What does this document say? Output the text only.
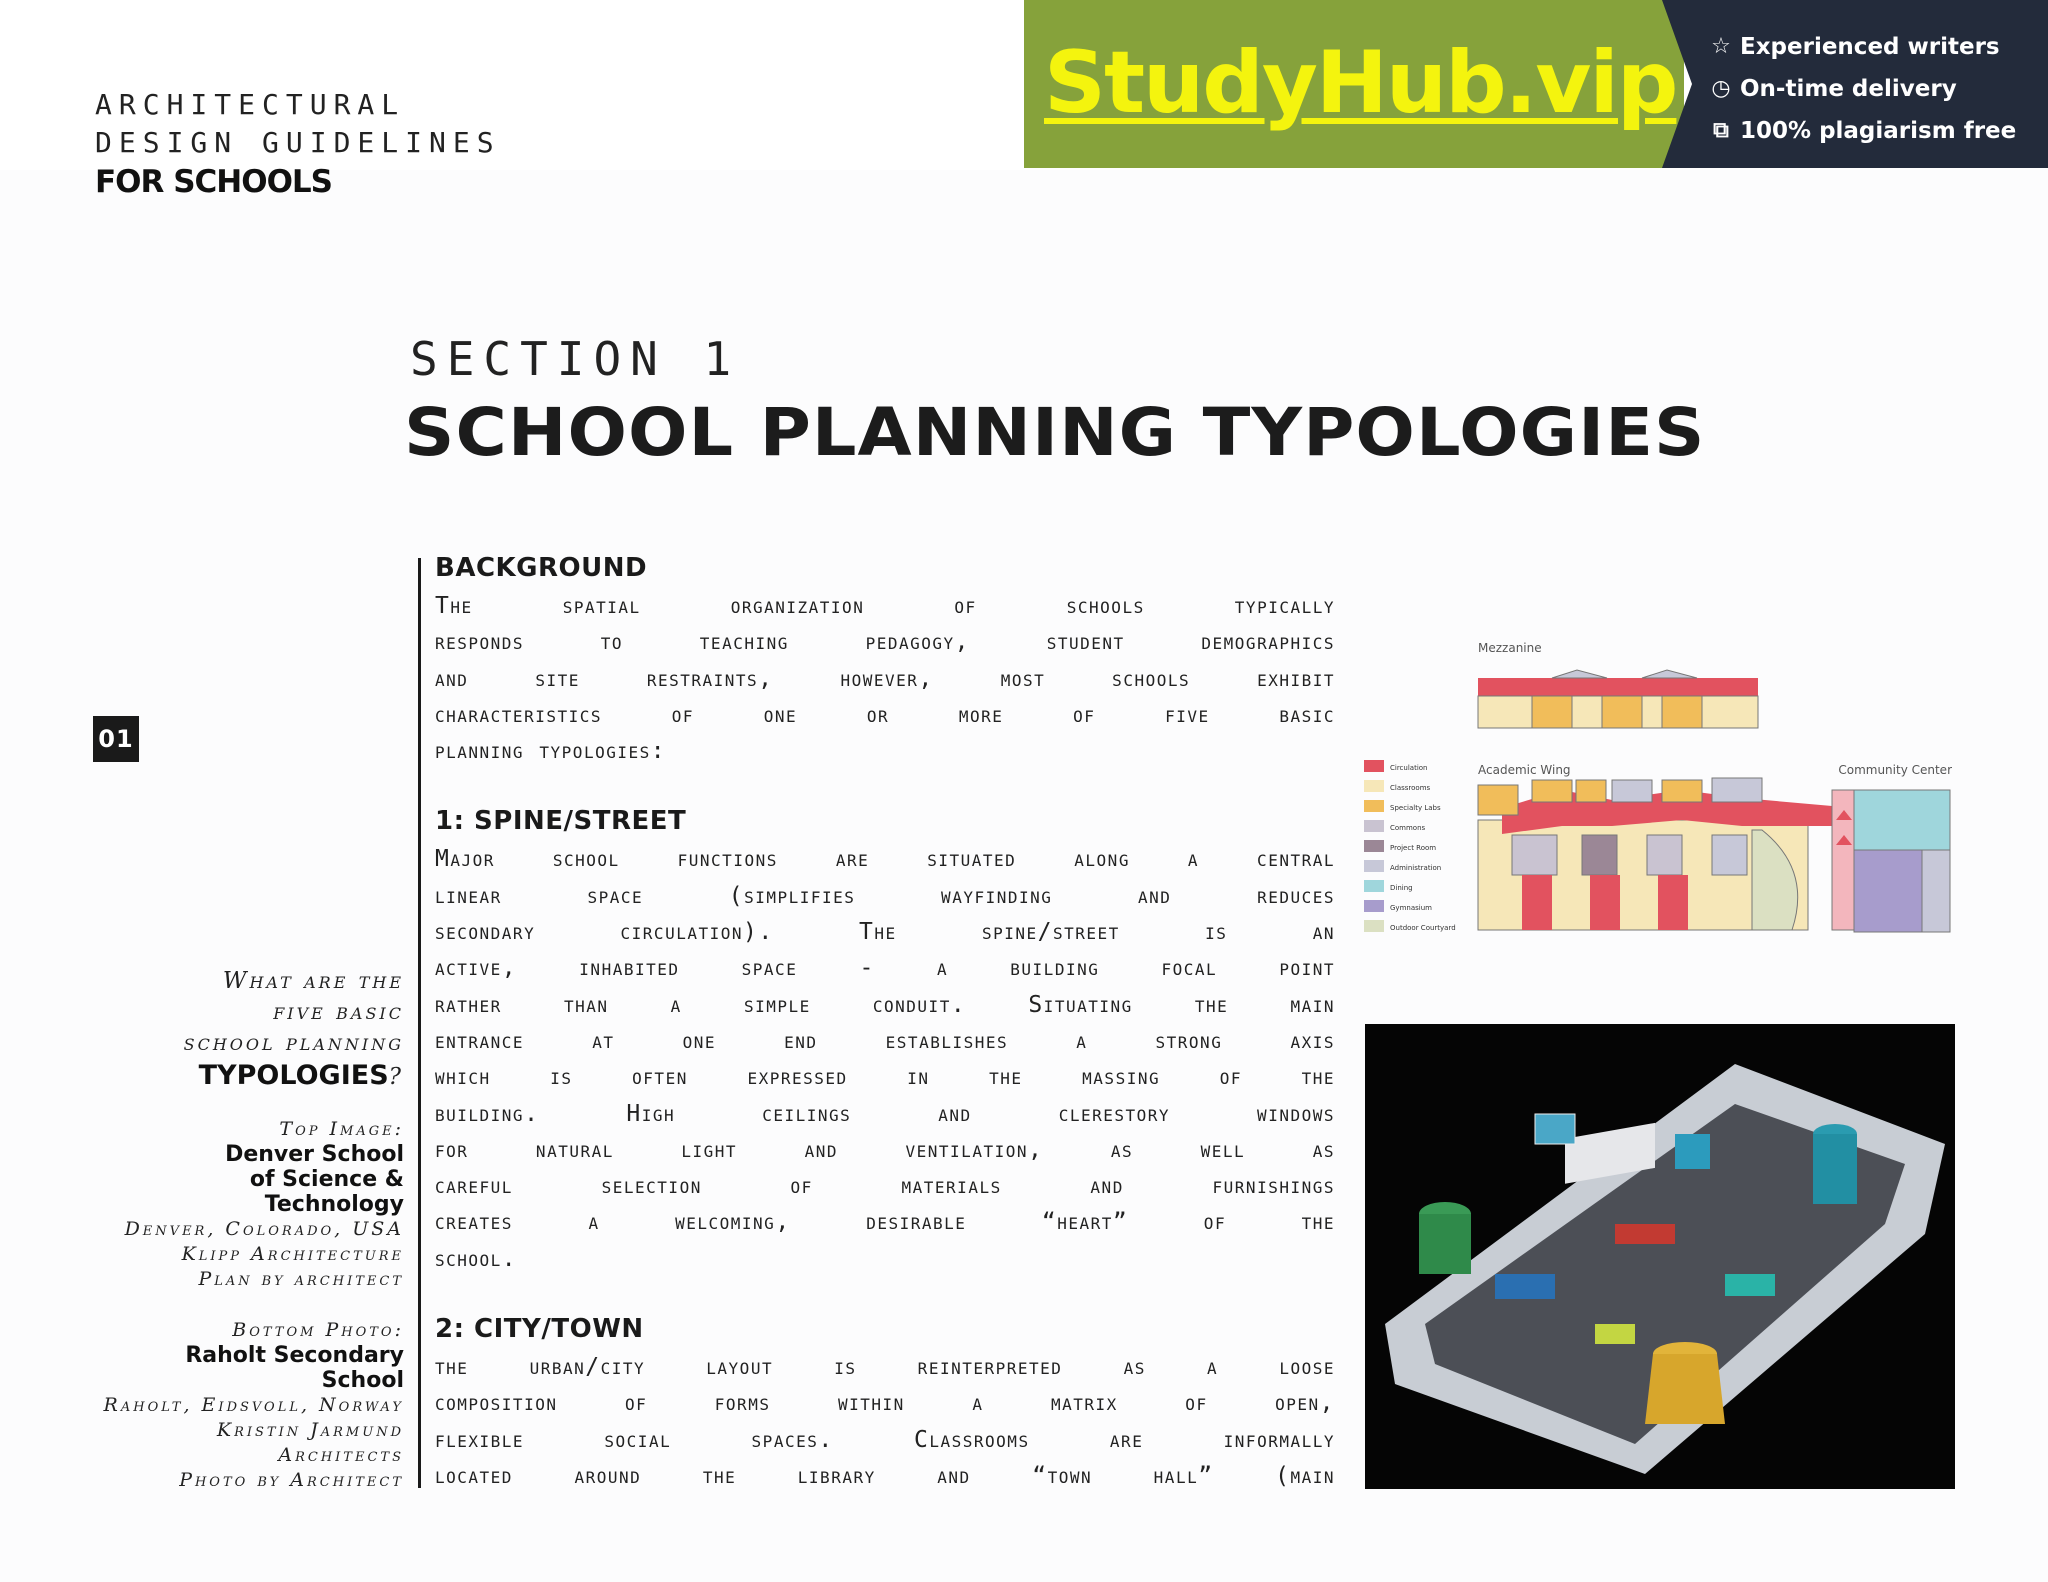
ARCHITECTURAL
DESIGN GUIDELINES
FOR SCHOOLS
StudyHub.vip ☆ Experienced writers
◷ On-time delivery
⧉ 100% plagiarism free
SECTION 1
SCHOOL PLANNING TYPOLOGIES
01
What are the
five basic
school planning
TYPOLOGIES?
Top Image:
Denver School
of Science &
Technology
Denver, Colorado, USA
Klipp Architecture
Plan by architect
Bottom Photo:
Raholt Secondary
School
Raholt, Eidsvoll, Norway
Kristin Jarmund
Architects
Photo by Architect
BACKGROUND
The spatial organization of schools typically
responds to teaching pedagogy, student demographics
and site restraints, however, most schools exhibit
characteristics of one or more of five basic
planning typologies:
1: SPINE/STREET
Major school functions are situated along a central
linear space (simplifies wayfinding and reduces
secondary circulation). The spine/street is an
active, inhabited space - a building focal point
rather than a simple conduit. Situating the main
entrance at one end establishes a strong axis
which is often expressed in the massing of the
building. High ceilings and clerestory windows
for natural light and ventilation, as well as
careful selection of materials and furnishings
creates a welcoming, desirable “heart” of the
school.
2: CITY/TOWN
the urban/city layout is reinterpreted as a loose
composition of forms within a matrix of open,
flexible social spaces. Classrooms are informally
located around the library and “town hall” (main
Mezzanine
Academic Wing	Community Center
Circulation
Classrooms
Specialty Labs
Commons
Project Room
Administration
Dining
Gymnasium
Outdoor Courtyard
